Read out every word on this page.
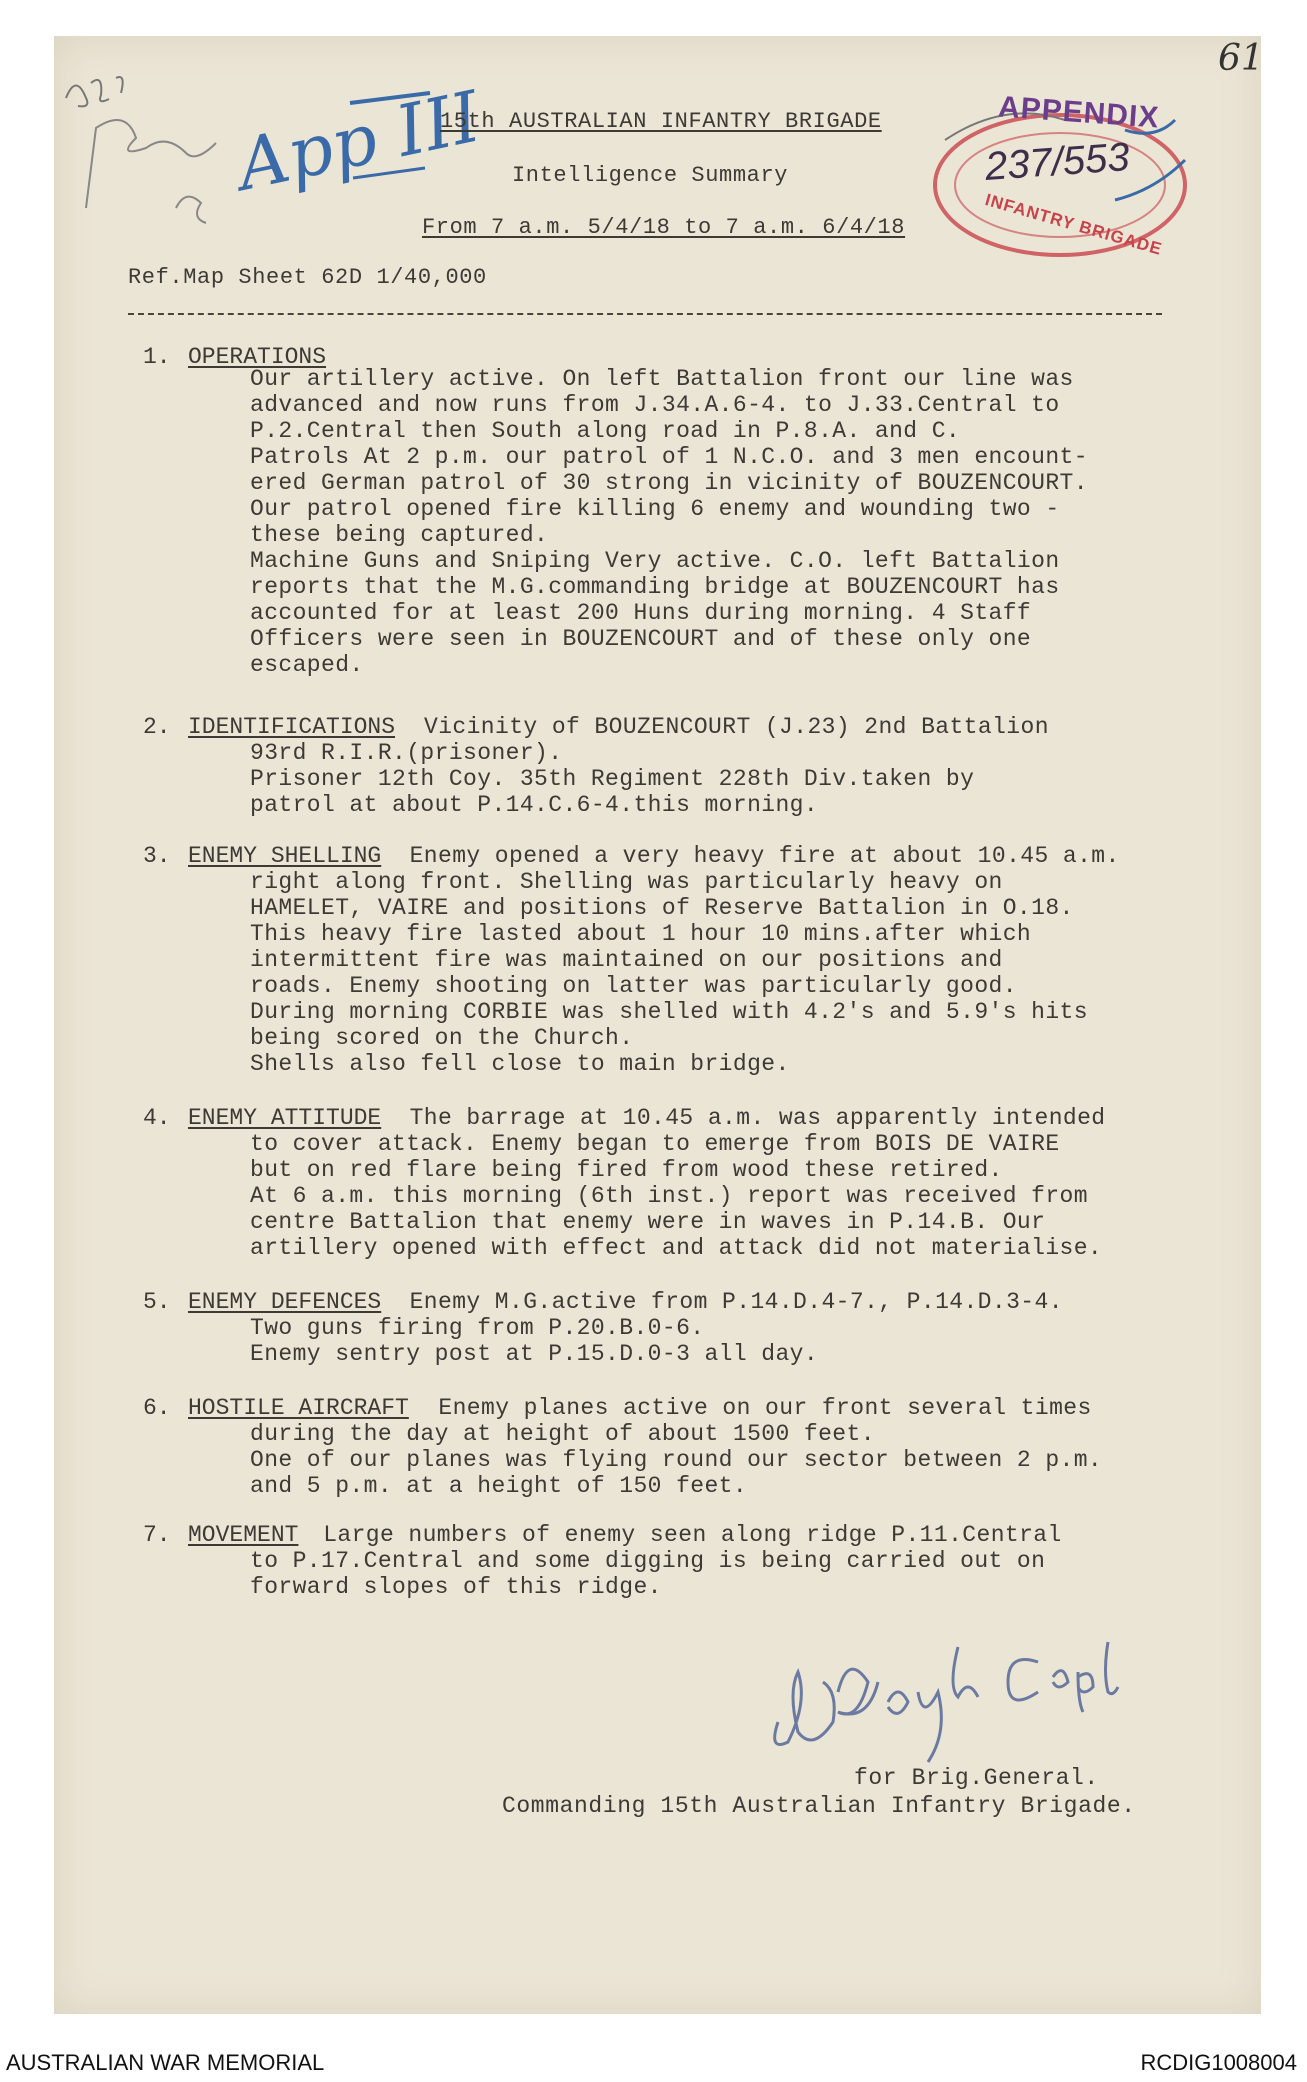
61
App III	APPENDIX
237/553
INFANTRY BRIGADE
15th AUSTRALIAN INFANTRY BRIGADE
Intelligence Summary
From 7 a.m. 5/4/18 to 7 a.m. 6/4/18
Ref.Map Sheet 62D 1/40,000
1. OPERATIONS
Our artillery active. On left Battalion front our line was
advanced and now runs from J.34.A.6-4. to J.33.Central to
P.2.Central then South along road in P.8.A. and C.
Patrols At 2 p.m. our patrol of 1 N.C.O. and 3 men encount-
ered German patrol of 30 strong in vicinity of BOUZENCOURT.
Our patrol opened fire killing 6 enemy and wounding two -
these being captured.
Machine Guns and Sniping Very active. C.O. left Battalion
reports that the M.G.commanding bridge at BOUZENCOURT has
accounted for at least 200 Huns during morning. 4 Staff
Officers were seen in BOUZENCOURT and of these only one
escaped.
2. IDENTIFICATIONS Vicinity of BOUZENCOURT (J.23) 2nd Battalion
93rd R.I.R.(prisoner).
Prisoner 12th Coy. 35th Regiment 228th Div.taken by
patrol at about P.14.C.6-4.this morning.
3. ENEMY SHELLING Enemy opened a very heavy fire at about 10.45 a.m.
right along front. Shelling was particularly heavy on
HAMELET, VAIRE and positions of Reserve Battalion in O.18.
This heavy fire lasted about 1 hour 10 mins.after which
intermittent fire was maintained on our positions and
roads. Enemy shooting on latter was particularly good.
During morning CORBIE was shelled with 4.2's and 5.9's hits
being scored on the Church.
Shells also fell close to main bridge.
4. ENEMY ATTITUDE The barrage at 10.45 a.m. was apparently intended
to cover attack. Enemy began to emerge from BOIS DE VAIRE
but on red flare being fired from wood these retired.
At 6 a.m. this morning (6th inst.) report was received from
centre Battalion that enemy were in waves in P.14.B. Our
artillery opened with effect and attack did not materialise.
5. ENEMY DEFENCES Enemy M.G.active from P.14.D.4-7., P.14.D.3-4.
Two guns firing from P.20.B.0-6.
Enemy sentry post at P.15.D.0-3 all day.
6. HOSTILE AIRCRAFT Enemy planes active on our front several times
during the day at height of about 1500 feet.
One of our planes was flying round our sector between 2 p.m.
and 5 p.m. at a height of 150 feet.
7. MOVEMENT Large numbers of enemy seen along ridge P.11.Central
to P.17.Central and some digging is being carried out on
forward slopes of this ridge.
for Brig.General.
Commanding 15th Australian Infantry Brigade.
AUSTRALIAN WAR MEMORIAL	RCDIG1008004
